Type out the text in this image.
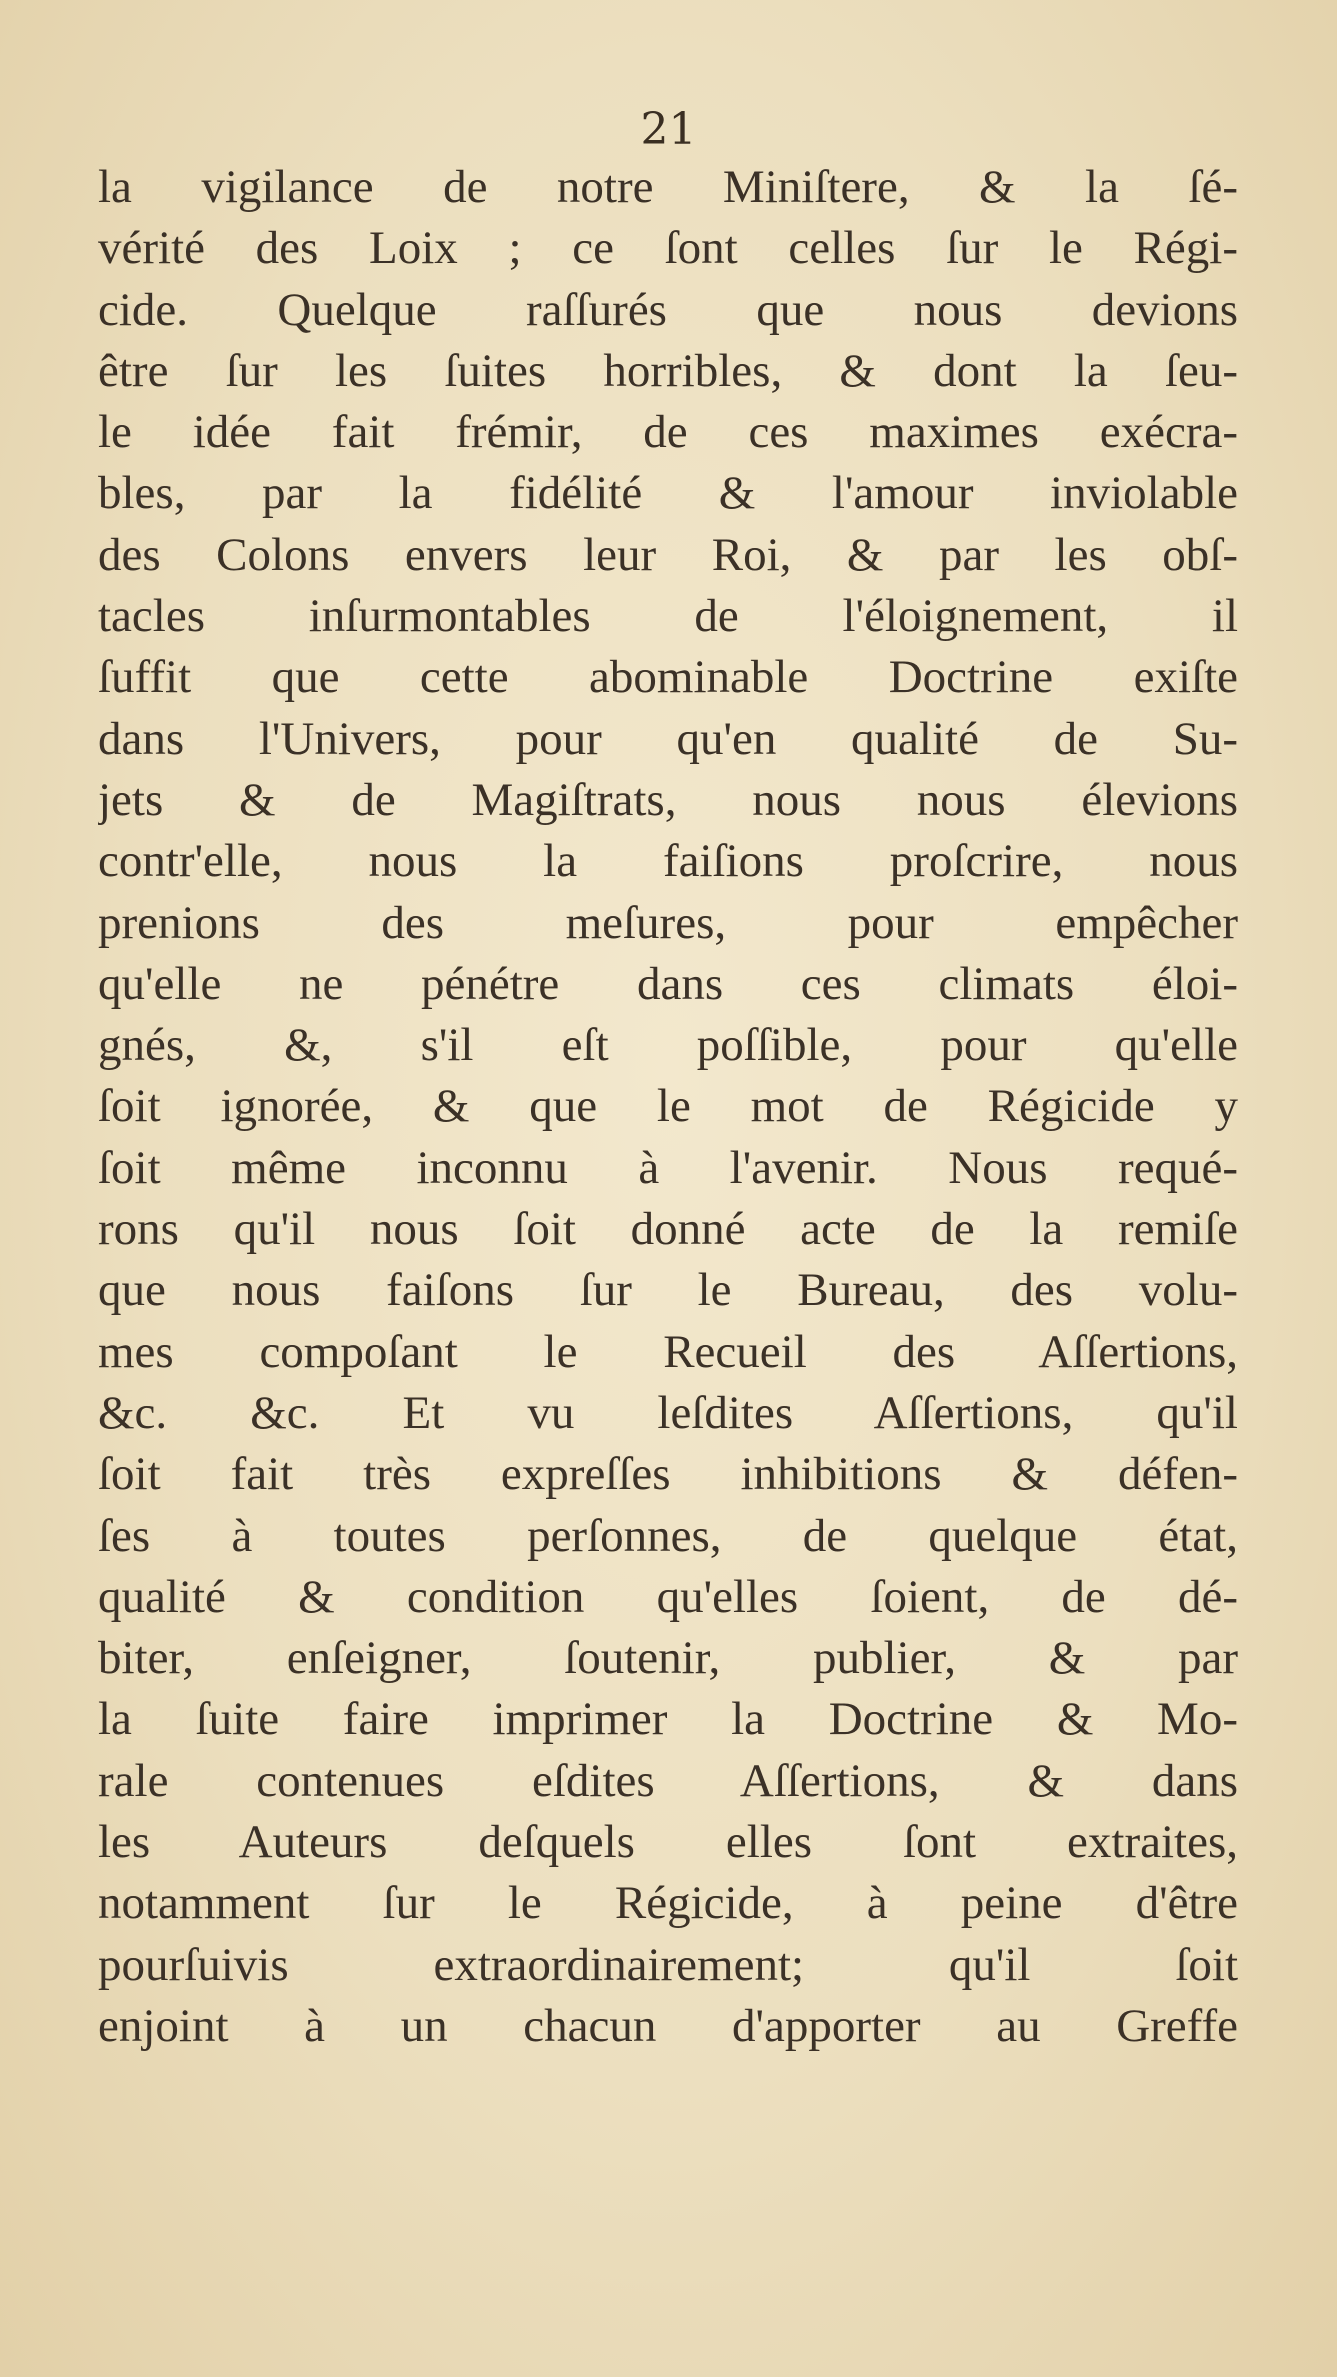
21
la vigilance de notre Miniſtere, & la ſé-
vérité des Loix ; ce ſont celles ſur le Régi-
cide. Quelque raſſurés que nous devions
être ſur les ſuites horribles, & dont la ſeu-
le idée fait frémir, de ces maximes exécra-
bles, par la fidélité & l'amour inviolable
des Colons envers leur Roi, & par les obſ-
tacles inſurmontables de l'éloignement, il
ſuffit que cette abominable Doctrine exiſte
dans l'Univers, pour qu'en qualité de Su-
jets & de Magiſtrats, nous nous élevions
contr'elle, nous la faiſions proſcrire, nous
prenions des meſures, pour empêcher
qu'elle ne pénétre dans ces climats éloi-
gnés, &, s'il eſt poſſible, pour qu'elle
ſoit ignorée, & que le mot de Régicide y
ſoit même inconnu à l'avenir. Nous requé-
rons qu'il nous ſoit donné acte de la remiſe
que nous faiſons ſur le Bureau, des volu-
mes compoſant le Recueil des Aſſertions,
&c. &c. Et vu leſdites Aſſertions, qu'il
ſoit fait très expreſſes inhibitions & défen-
ſes à toutes perſonnes, de quelque état,
qualité & condition qu'elles ſoient, de dé-
biter, enſeigner, ſoutenir, publier, & par
la ſuite faire imprimer la Doctrine & Mo-
rale contenues eſdites Aſſertions, & dans
les Auteurs deſquels elles ſont extraites,
notamment ſur le Régicide, à peine d'être
pourſuivis extraordinairement; qu'il ſoit
enjoint à un chacun d'apporter au Greffe
